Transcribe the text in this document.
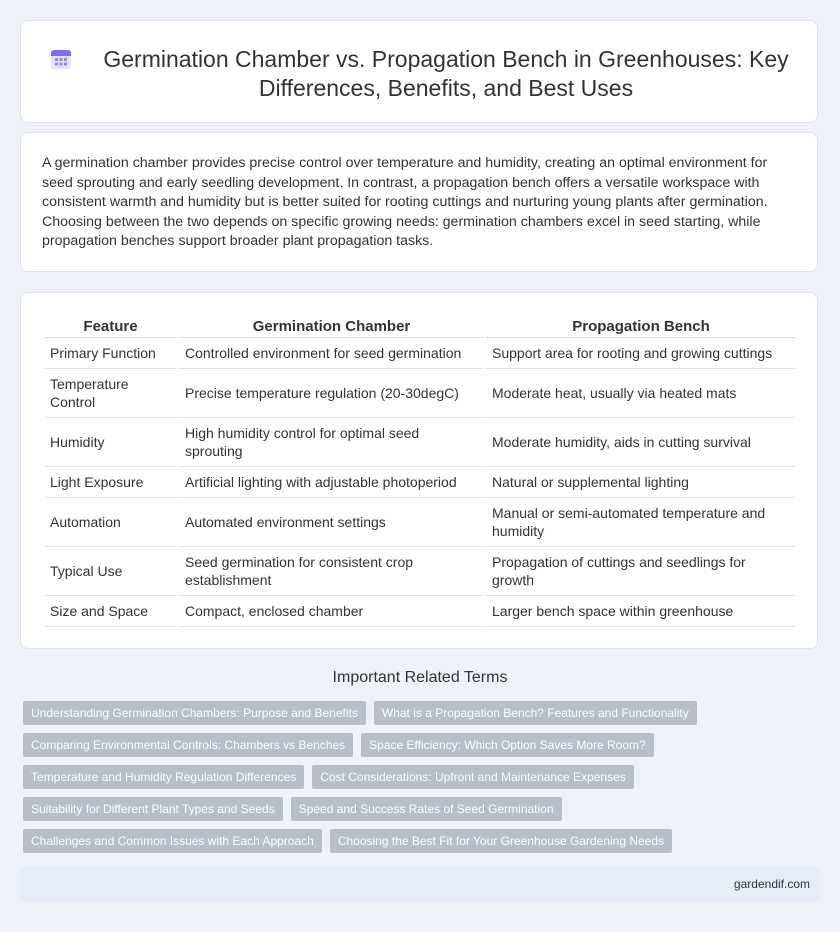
Germination Chamber vs. Propagation Bench in Greenhouses: Key Differences, Benefits, and Best Uses

A germination chamber provides precise control over temperature and humidity, creating an optimal environment for seed sprouting and early seedling development. In contrast, a propagation bench offers a versatile workspace with consistent warmth and humidity but is better suited for rooting cuttings and nurturing young plants after germination. Choosing between the two depends on specific growing needs: germination chambers excel in seed starting, while propagation benches support broader plant propagation tasks.

Feature	Germination Chamber	Propagation Bench
Primary Function	Controlled environment for seed germination	Support area for rooting and growing cuttings
Temperature Control	Precise temperature regulation (20-30degC)	Moderate heat, usually via heated mats
Humidity	High humidity control for optimal seed sprouting	Moderate humidity, aids in cutting survival
Light Exposure	Artificial lighting with adjustable photoperiod	Natural or supplemental lighting
Automation	Automated environment settings	Manual or semi-automated temperature and humidity
Typical Use	Seed germination for consistent crop establishment	Propagation of cuttings and seedlings for growth
Size and Space	Compact, enclosed chamber	Larger bench space within greenhouse
Important Related Terms
Understanding Germination Chambers: Purpose and Benefits	What is a Propagation Bench? Features and Functionality
Comparing Environmental Controls: Chambers vs Benches	Space Efficiency: Which Option Saves More Room?
Temperature and Humidity Regulation Differences	Cost Considerations: Upfront and Maintenance Expenses
Suitability for Different Plant Types and Seeds	Speed and Success Rates of Seed Germination
Challenges and Common Issues with Each Approach	Choosing the Best Fit for Your Greenhouse Gardening Needs
gardendif.com
